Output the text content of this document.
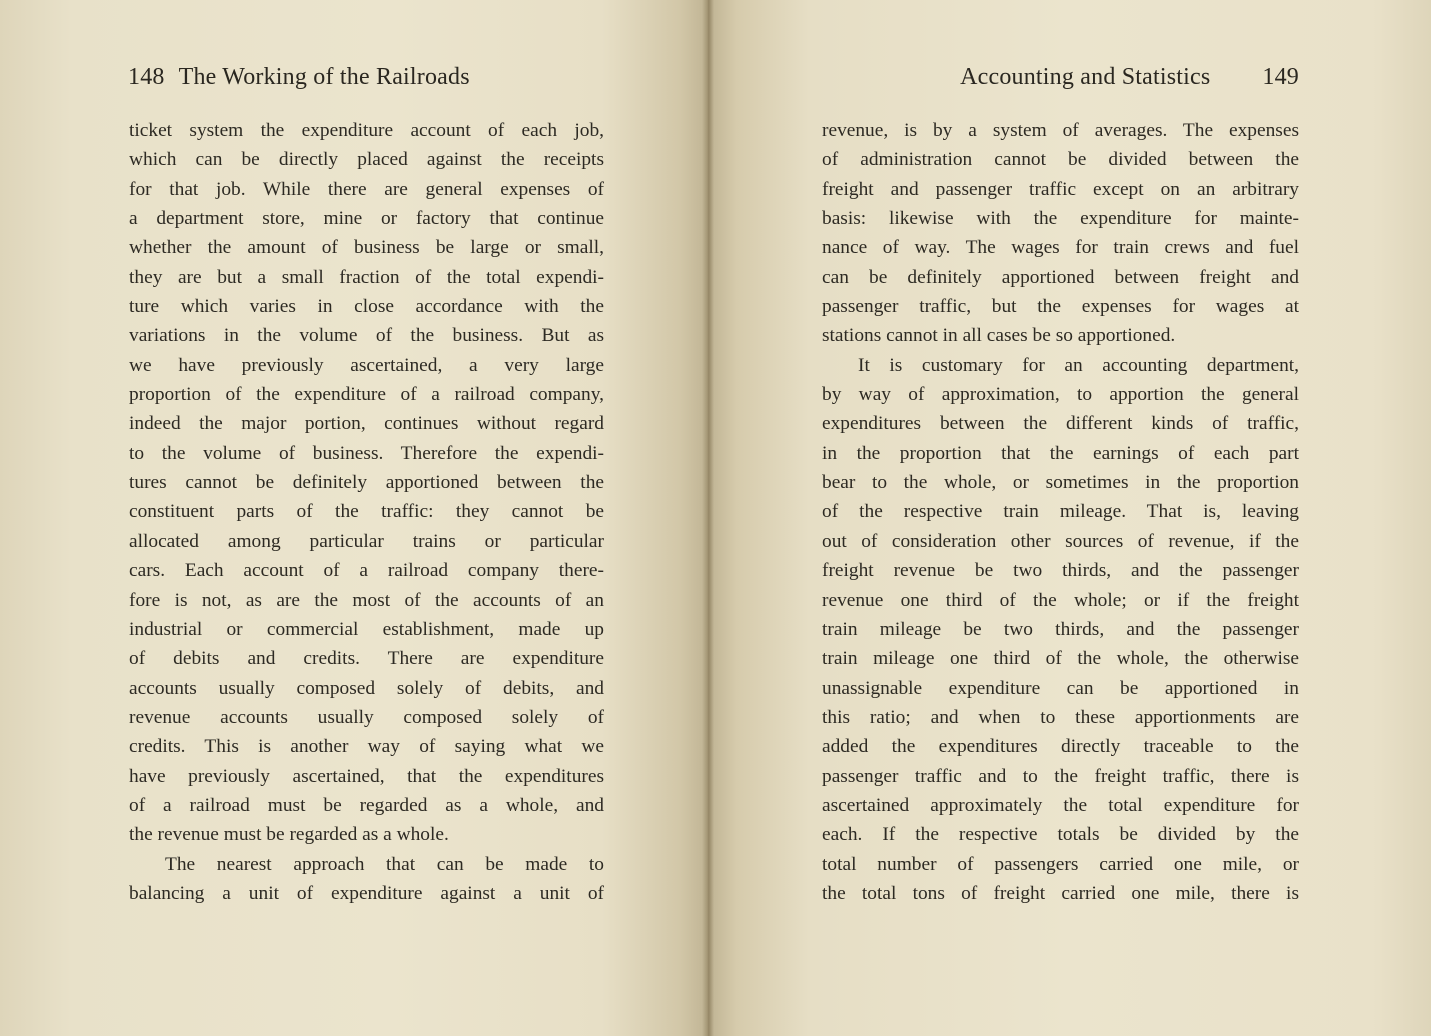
148 The Working of the Railroads
ticket system the expenditure account of each job,
which can be directly placed against the receipts
for that job. While there are general expenses of
a department store, mine or factory that continue
whether the amount of business be large or small,
they are but a small fraction of the total expendi-
ture which varies in close accordance with the
variations in the volume of the business. But as
we have previously ascertained, a very large
proportion of the expenditure of a railroad company,
indeed the major portion, continues without regard
to the volume of business. Therefore the expendi-
tures cannot be definitely apportioned between the
constituent parts of the traffic: they cannot be
allocated among particular trains or particular
cars. Each account of a railroad company there-
fore is not, as are the most of the accounts of an
industrial or commercial establishment, made up
of debits and credits. There are expenditure
accounts usually composed solely of debits, and
revenue accounts usually composed solely of
credits. This is another way of saying what we
have previously ascertained, that the expenditures
of a railroad must be regarded as a whole, and
the revenue must be regarded as a whole.
The nearest approach that can be made to
balancing a unit of expenditure against a unit of
Accounting and Statistics 149
revenue, is by a system of averages. The expenses
of administration cannot be divided between the
freight and passenger traffic except on an arbitrary
basis: likewise with the expenditure for mainte-
nance of way. The wages for train crews and fuel
can be definitely apportioned between freight and
passenger traffic, but the expenses for wages at
stations cannot in all cases be so apportioned.
It is customary for an accounting department,
by way of approximation, to apportion the general
expenditures between the different kinds of traffic,
in the proportion that the earnings of each part
bear to the whole, or sometimes in the proportion
of the respective train mileage. That is, leaving
out of consideration other sources of revenue, if the
freight revenue be two thirds, and the passenger
revenue one third of the whole; or if the freight
train mileage be two thirds, and the passenger
train mileage one third of the whole, the otherwise
unassignable expenditure can be apportioned in
this ratio; and when to these apportionments are
added the expenditures directly traceable to the
passenger traffic and to the freight traffic, there is
ascertained approximately the total expenditure for
each. If the respective totals be divided by the
total number of passengers carried one mile, or
the total tons of freight carried one mile, there is
